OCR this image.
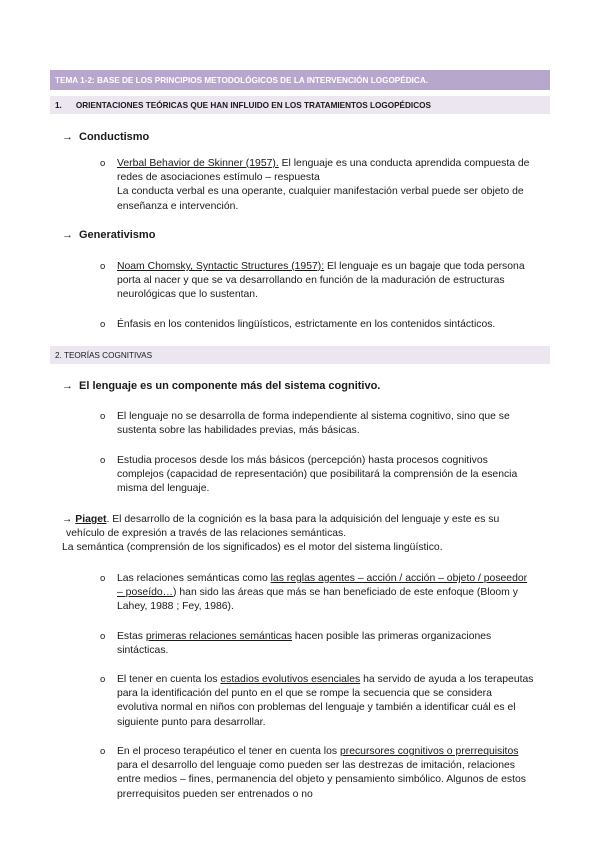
TEMA 1-2: BASE DE LOS PRINCIPIOS METODOLÓGICOS DE LA INTERVENCIÓN LOGOPÉDICA.
1. ORIENTACIONES TEÓRICAS QUE HAN INFLUIDO EN LOS TRATAMIENTOS LOGOPÉDICOS
→ Conductismo
o Verbal Behavior de Skinner (1957). El lenguaje es una conducta aprendida compuesta de
redes de asociaciones estímulo – respuesta
La conducta verbal es una operante, cualquier manifestación verbal puede ser objeto de
enseñanza e intervención.
→ Generativismo
o Noam Chomsky, Syntactic Structures (1957): El lenguaje es un bagaje que toda persona
porta al nacer y que se va desarrollando en función de la maduración de estructuras
neurológicas que lo sustentan.
o Énfasis en los contenidos lingüísticos, estrictamente en los contenidos sintácticos.
2. TEORÍAS COGNITIVAS
→ El lenguaje es un componente más del sistema cognitivo.
o El lenguaje no se desarrolla de forma independiente al sistema cognitivo, sino que se
sustenta sobre las habilidades previas, más básicas.
o Estudia procesos desde los más básicos (percepción) hasta procesos cognitivos
complejos (capacidad de representación) que posibilitará la comprensión de la esencia
misma del lenguaje.
→ Piaget. El desarrollo de la cognición es la basa para la adquisición del lenguaje y este es su
vehículo de expresión a través de las relaciones semánticas.
La semántica (comprensión de los significados) es el motor del sistema lingüístico.
o Las relaciones semánticas como las reglas agentes – acción / acción – objeto / poseedor
– poseído…) han sido las áreas que más se han beneficiado de este enfoque (Bloom y
Lahey, 1988 ; Fey, 1986).
o Estas primeras relaciones semánticas hacen posible las primeras organizaciones
sintácticas.
o El tener en cuenta los estadios evolutivos esenciales ha servido de ayuda a los terapeutas
para la identificación del punto en el que se rompe la secuencia que se considera
evolutiva normal en niños con problemas del lenguaje y también a identificar cuál es el
siguiente punto para desarrollar.
o En el proceso terapéutico el tener en cuenta los precursores cognitivos o prerrequisitos
para el desarrollo del lenguaje como pueden ser las destrezas de imitación, relaciones
entre medios – fines, permanencia del objeto y pensamiento simbólico. Algunos de estos
prerrequisitos pueden ser entrenados o no
